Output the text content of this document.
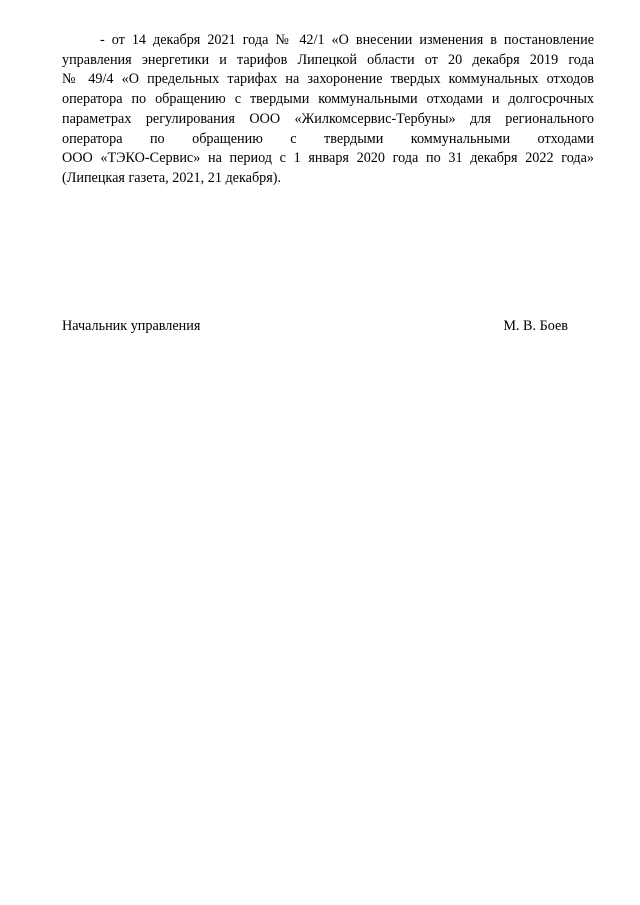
- от 14 декабря 2021 года № 42/1 «О внесении изменения в постановление
управления энергетики и тарифов Липецкой области от 20 декабря 2019 года
№ 49/4 «О предельных тарифах на захоронение твердых коммунальных отходов
оператора по обращению с твердыми коммунальными отходами и долгосрочных
параметрах регулирования ООО «Жилкомсервис-Тербуны» для регионального
оператора по обращению с твердыми коммунальными отходами
ООО «ТЭКО-Сервис» на период с 1 января 2020 года по 31 декабря 2022 года»
(Липецкая газета, 2021, 21 декабря).
Начальник управления	М. В. Боев
